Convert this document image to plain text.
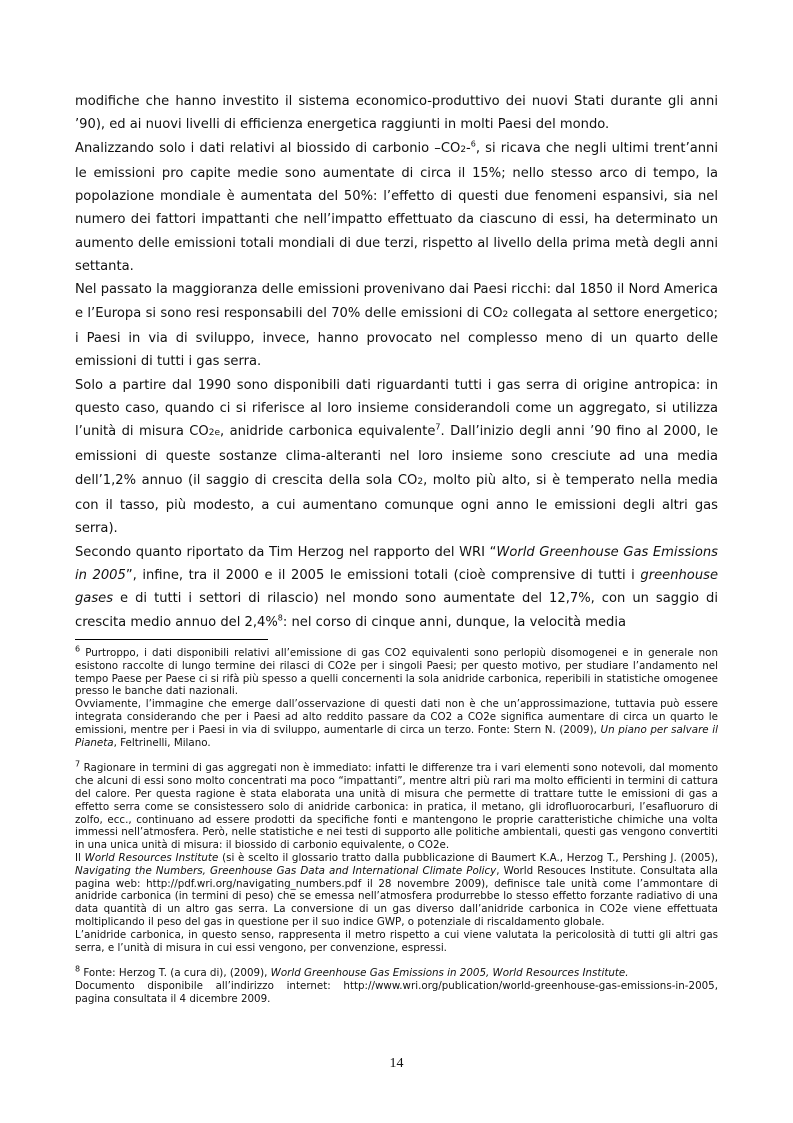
modifiche che hanno investito il sistema economico-produttivo dei nuovi Stati durante gli anni ’90), ed ai nuovi livelli di efficienza energetica raggiunti in molti Paesi del mondo.

Analizzando solo i dati relativi al biossido di carbonio –CO2-$^6$, si ricava che negli ultimi trent’anni le emissioni pro capite medie sono aumentate di circa il 15%; nello stesso arco di tempo, la popolazione mondiale è aumentata del 50%: l’effetto di questi due fenomeni espansivi, sia nel numero dei fattori impattanti che nell’impatto effettuato da ciascuno di essi, ha determinato un aumento delle emissioni totali mondiali di due terzi, rispetto al livello della prima metà degli anni settanta.

Nel passato la maggioranza delle emissioni provenivano dai Paesi ricchi: dal 1850 il Nord America e l’Europa si sono resi responsabili del 70% delle emissioni di CO2 collegata al settore energetico; i Paesi in via di sviluppo, invece, hanno provocato nel complesso meno di un quarto delle emissioni di tutti i gas serra.

Solo a partire dal 1990 sono disponibili dati riguardanti tutti i gas serra di origine antropica: in questo caso, quando ci si riferisce al loro insieme considerandoli come un aggregato, si utilizza l’unità di misura CO2e, anidride carbonica equivalente$^7$. Dall’inizio degli anni ’90 fino al 2000, le emissioni di queste sostanze clima-alteranti nel loro insieme sono cresciute ad una media dell’1,2% annuo (il saggio di crescita della sola CO2, molto più alto, si è temperato nella media con il tasso, più modesto, a cui aumentano comunque ogni anno le emissioni degli altri gas serra).

Secondo quanto riportato da Tim Herzog nel rapporto del WRI “World Greenhouse Gas Emissions in 2005”, infine, tra il 2000 e il 2005 le emissioni totali (cioè comprensive di tutti i greenhouse gases e di tutti i settori di rilascio) nel mondo sono aumentate del 12,7%, con un saggio di crescita medio annuo del 2,4%$^8$: nel corso di cinque anni, dunque, la velocità media

$^6$ Purtroppo, i dati disponibili relativi all’emissione di gas CO2 equivalenti sono perlopiù disomogenei e in generale non esistono raccolte di lungo termine dei rilasci di CO2e per i singoli Paesi; per questo motivo, per studiare l’andamento nel tempo Paese per Paese ci si rifà più spesso a quelli concernenti la sola anidride carbonica, reperibili in statistiche omogenee presso le banche dati nazionali.

Ovviamente, l’immagine che emerge dall’osservazione di questi dati non è che un’approssimazione, tuttavia può essere integrata considerando che per i Paesi ad alto reddito passare da CO2 a CO2e significa aumentare di circa un quarto le emissioni, mentre per i Paesi in via di sviluppo, aumentarle di circa un terzo. Fonte: Stern N. (2009), Un piano per salvare il Pianeta, Feltrinelli, Milano.

$^7$ Ragionare in termini di gas aggregati non è immediato: infatti le differenze tra i vari elementi sono notevoli, dal momento che alcuni di essi sono molto concentrati ma poco “impattanti”, mentre altri più rari ma molto efficienti in termini di cattura del calore. Per questa ragione è stata elaborata una unità di misura che permette di trattare tutte le emissioni di gas a effetto serra come se consistessero solo di anidride carbonica: in pratica, il metano, gli idrofluorocarburi, l’esafluoruro di zolfo, ecc., continuano ad essere prodotti da specifiche fonti e mantengono le proprie caratteristiche chimiche una volta immessi nell’atmosfera. Però, nelle statistiche e nei testi di supporto alle politiche ambientali, questi gas vengono convertiti in una unica unità di misura: il biossido di carbonio equivalente, o CO2e.

Il World Resources Institute (si è scelto il glossario tratto dalla pubblicazione di Baumert K.A., Herzog T., Pershing J. (2005), Navigating the Numbers, Greenhouse Gas Data and International Climate Policy, World Resouces Institute. Consultata alla pagina web: http://pdf.wri.org/navigating_numbers.pdf il 28 novembre 2009), definisce tale unità come l’ammontare di anidride carbonica (in termini di peso) che se emessa nell’atmosfera produrrebbe lo stesso effetto forzante radiativo di una data quantità di un altro gas serra. La conversione di un gas diverso dall’anidride carbonica in CO2e viene effettuata moltiplicando il peso del gas in questione per il suo indice GWP, o potenziale di riscaldamento globale.

L’anidride carbonica, in questo senso, rappresenta il metro rispetto a cui viene valutata la pericolosità di tutti gli altri gas serra, e l’unità di misura in cui essi vengono, per convenzione, espressi.

$^8$ Fonte: Herzog T. (a cura di), (2009), World Greenhouse Gas Emissions in 2005, World Resources Institute.

Documento disponibile all’indirizzo internet: http://www.wri.org/publication/world-greenhouse-gas-emissions-in-2005, pagina consultata il 4 dicembre 2009.

14
